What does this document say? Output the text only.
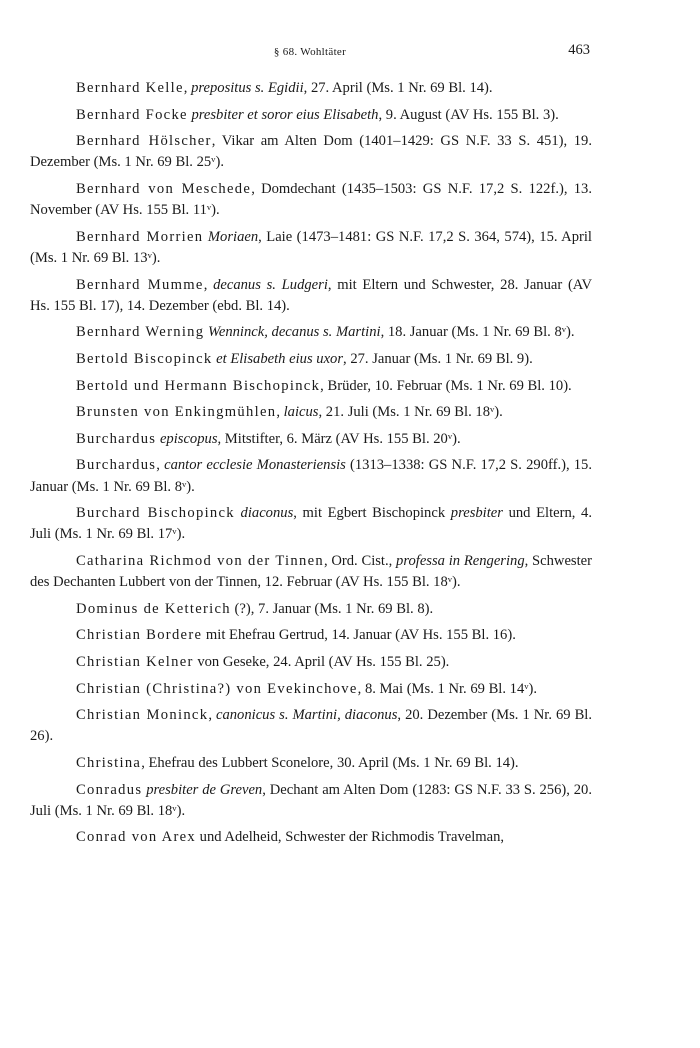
§ 68. Wohltäter	463

Bernhard Kelle, prepositus s. Egidii, 27. April (Ms. 1 Nr. 69 Bl. 14).

Bernhard Focke presbiter et soror eius Elisabeth, 9. August (AV Hs. 155 Bl. 3).

Bernhard Hölscher, Vikar am Alten Dom (1401–1429: GS N.F. 33 S. 451), 19. Dezember (Ms. 1 Nr. 69 Bl. 25ᵛ).

Bernhard von Meschede, Domdechant (1435–1503: GS N.F. 17,2 S. 122f.), 13. November (AV Hs. 155 Bl. 11ᵛ).

Bernhard Morrien Moriaen, Laie (1473–1481: GS N.F. 17,2 S. 364, 574), 15. April (Ms. 1 Nr. 69 Bl. 13ᵛ).

Bernhard Mumme, decanus s. Ludgeri, mit Eltern und Schwester, 28. Januar (AV Hs. 155 Bl. 17), 14. Dezember (ebd. Bl. 14).

Bernhard Werning Wenninck, decanus s. Martini, 18. Januar (Ms. 1 Nr. 69 Bl. 8ᵛ).

Bertold Biscopinck et Elisabeth eius uxor, 27. Januar (Ms. 1 Nr. 69 Bl. 9).

Bertold und Hermann Bischopinck, Brüder, 10. Februar (Ms. 1 Nr. 69 Bl. 10).

Brunsten von Enkingmühlen, laicus, 21. Juli (Ms. 1 Nr. 69 Bl. 18ᵛ).

Burchardus episcopus, Mitstifter, 6. März (AV Hs. 155 Bl. 20ᵛ).

Burchardus, cantor ecclesie Monasteriensis (1313–1338: GS N.F. 17,2 S. 290ff.), 15. Januar (Ms. 1 Nr. 69 Bl. 8ᵛ).

Burchard Bischopinck diaconus, mit Egbert Bischopinck presbiter und Eltern, 4. Juli (Ms. 1 Nr. 69 Bl. 17ᵛ).

Catharina Richmod von der Tinnen, Ord. Cist., professa in Rengering, Schwester des Dechanten Lubbert von der Tinnen, 12. Februar (AV Hs. 155 Bl. 18ᵛ).

Dominus de Ketterich (?), 7. Januar (Ms. 1 Nr. 69 Bl. 8).

Christian Bordere mit Ehefrau Gertrud, 14. Januar (AV Hs. 155 Bl. 16).

Christian Kelner von Geseke, 24. April (AV Hs. 155 Bl. 25).

Christian (Christina?) von Evekinchove, 8. Mai (Ms. 1 Nr. 69 Bl. 14ᵛ).

Christian Moninck, canonicus s. Martini, diaconus, 20. Dezember (Ms. 1 Nr. 69 Bl. 26).

Christina, Ehefrau des Lubbert Sconelore, 30. April (Ms. 1 Nr. 69 Bl. 14).

Conradus presbiter de Greven, Dechant am Alten Dom (1283: GS N.F. 33 S. 256), 20. Juli (Ms. 1 Nr. 69 Bl. 18ᵛ).

Conrad von Arex und Adelheid, Schwester der Richmodis Travelman,
